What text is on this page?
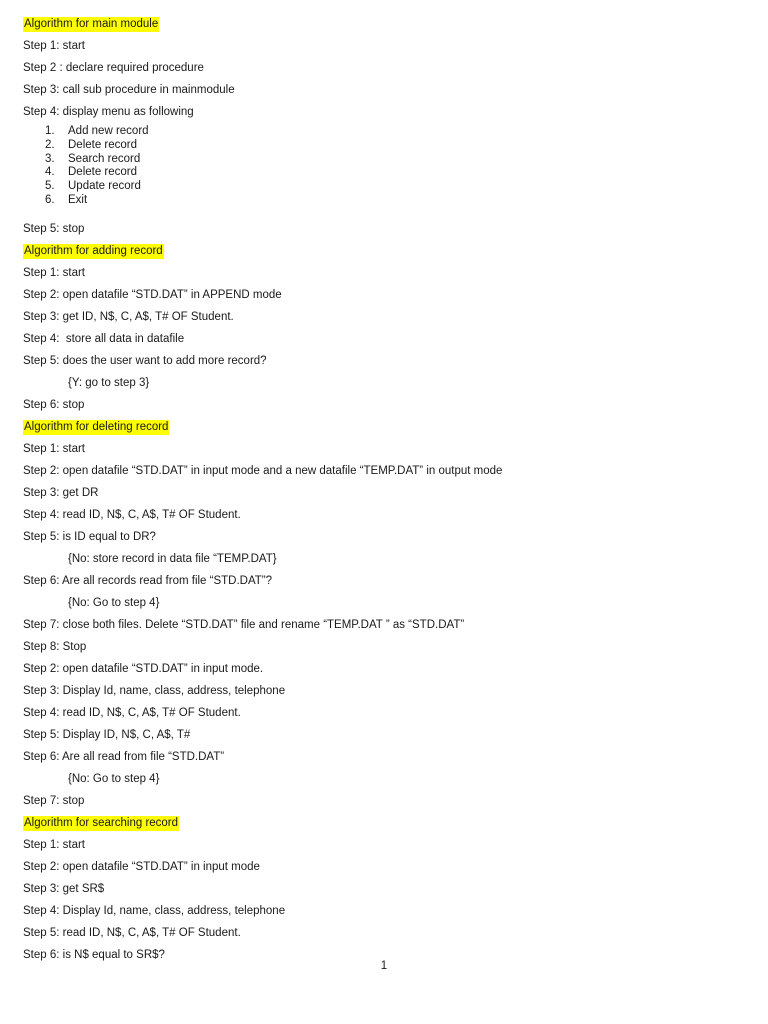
Algorithm for main module
Step 1: start
Step 2 : declare required procedure
Step 3: call sub procedure in mainmodule
Step 4: display menu as following
1. Add new record
2. Delete record
3. Search record
4. Delete record
5. Update record
6. Exit
Step 5: stop
Algorithm for adding record
Step 1: start
Step 2: open datafile “STD.DAT” in APPEND mode
Step 3: get ID, N$, C, A$, T# OF Student.
Step 4:  store all data in datafile
Step 5: does the user want to add more record?
{Y: go to step 3}
Step 6: stop
Algorithm for deleting record
Step 1: start
Step 2: open datafile “STD.DAT” in input mode and a new datafile “TEMP.DAT” in output mode
Step 3: get DR
Step 4: read ID, N$, C, A$, T# OF Student.
Step 5: is ID equal to DR?
{No: store record in data file “TEMP.DAT}
Step 6: Are all records read from file “STD.DAT”?
{No: Go to step 4}
Step 7: close both files. Delete “STD.DAT” file and rename “TEMP.DAT ” as “STD.DAT”
Step 8: Stop
Step 2: open datafile “STD.DAT” in input mode.
Step 3: Display Id, name, class, address, telephone
Step 4: read ID, N$, C, A$, T# OF Student.
Step 5: Display ID, N$, C, A$, T#
Step 6: Are all read from file “STD.DAT”
{No: Go to step 4}
Step 7: stop
Algorithm for searching record
Step 1: start
Step 2: open datafile “STD.DAT” in input mode
Step 3: get SR$
Step 4: Display Id, name, class, address, telephone
Step 5: read ID, N$, C, A$, T# OF Student.
Step 6: is N$ equal to SR$?
1
